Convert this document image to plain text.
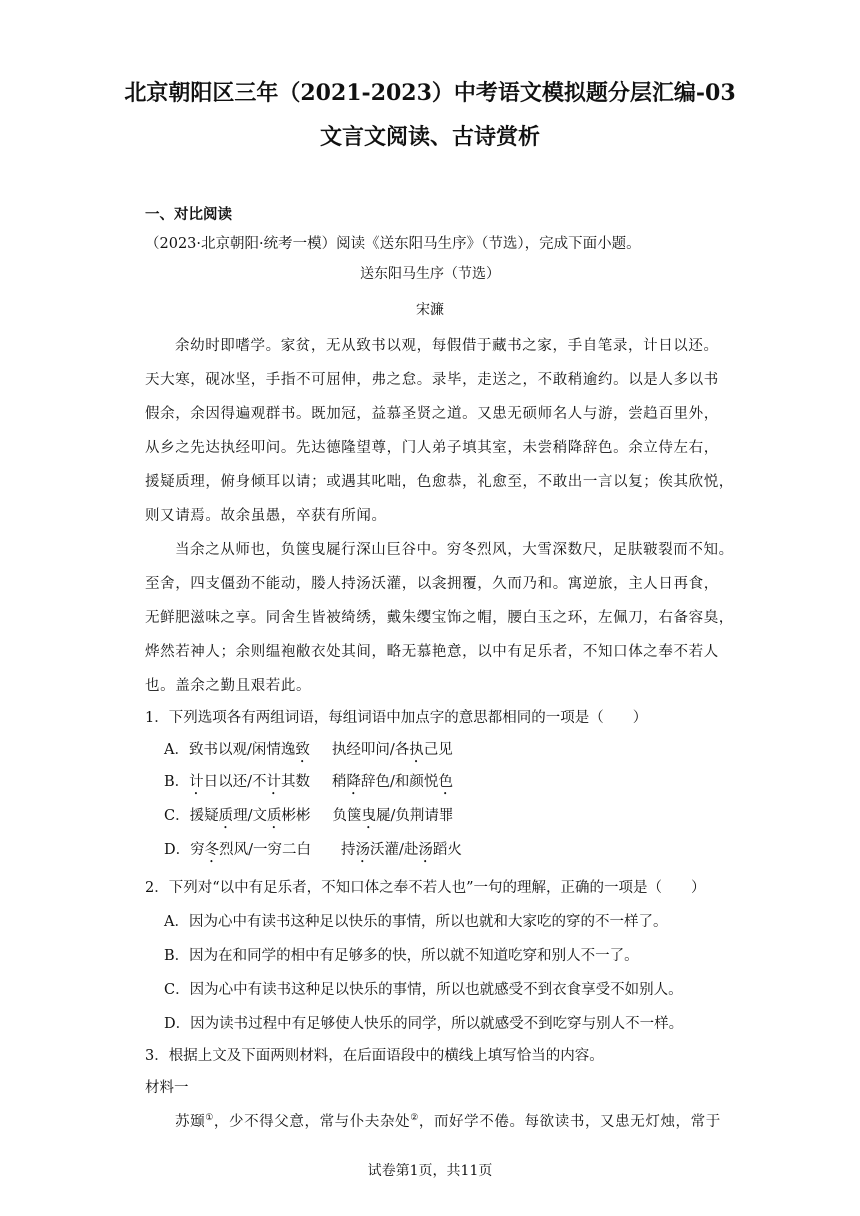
北京朝阳区三年（2021-2023）中考语文模拟题分层汇编-03
文言文阅读、古诗赏析
一、对比阅读
（2023·北京朝阳·统考一模）阅读《送东阳马生序》（节选），完成下面小题。
送东阳马生序（节选）
宋濂
余幼时即嗜学。家贫，无从致书以观，每假借于藏书之家，手自笔录，计日以还。
天大寒，砚冰坚，手指不可屈伸，弗之怠。录毕，走送之，不敢稍逾约。以是人多以书
假余，余因得遍观群书。既加冠，益慕圣贤之道。又患无硕师名人与游，尝趋百里外，
从乡之先达执经叩问。先达德隆望尊，门人弟子填其室，未尝稍降辞色。余立侍左右，
援疑质理，俯身倾耳以请；或遇其叱咄，色愈恭，礼愈至，不敢出一言以复；俟其欣悦，
则又请焉。故余虽愚，卒获有所闻。
当余之从师也，负箧曳屣行深山巨谷中。穷冬烈风，大雪深数尺，足肤皲裂而不知。
至舍，四支僵劲不能动，媵人持汤沃灌，以衾拥覆，久而乃和。寓逆旅，主人日再食，
无鲜肥滋味之享。同舍生皆被绮绣，戴朱缨宝饰之帽，腰白玉之环，左佩刀，右备容臭，
烨然若神人；余则缊袍敝衣处其间，略无慕艳意，以中有足乐者，不知口体之奉不若人
也。盖余之勤且艰若此。
1．下列选项各有两组词语，每组词语中加点字的意思都相同的一项是（　　）
A．致书以观/闲情逸致 执经叩问/各执己见
B．计日以还/不计其数 稍降辞色/和颜悦色
C．援疑质理/文质彬彬 负箧曳屣/负荆请罪
D．穷冬烈风/一穷二白 持汤沃灌/赴汤蹈火
2．下列对“以中有足乐者，不知口体之奉不若人也”一句的理解，正确的一项是（　　）
A．因为心中有读书这种足以快乐的事情，所以也就和大家吃的穿的不一样了。
B．因为在和同学的相中有足够多的快，所以就不知道吃穿和别人不一了。
C．因为心中有读书这种足以快乐的事情，所以也就感受不到衣食享受不如别人。
D．因为读书过程中有足够使人快乐的同学，所以就感受不到吃穿与别人不一样。
3．根据上文及下面两则材料，在后面语段中的横线上填写恰当的内容。
材料一
苏颋①，少不得父意，常与仆夫杂处②，而好学不倦。每欲读书，又患无灯烛，常于
试卷第1页，共11页
